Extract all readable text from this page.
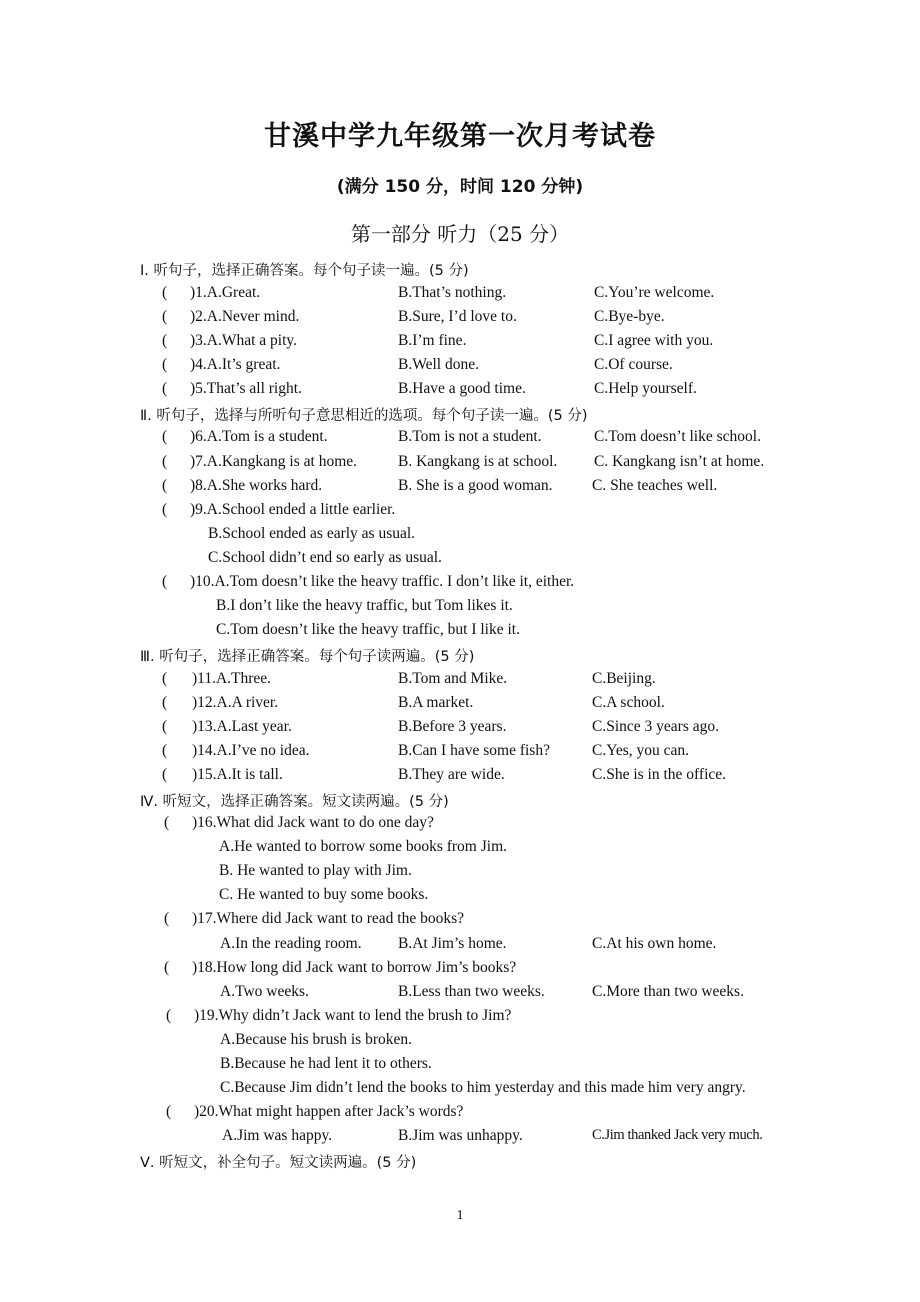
甘溪中学九年级第一次月考试卷
(满分 150 分，时间 120 分钟)
第一部分 听力（25 分）
Ⅰ. 听句子，选择正确答案。每个句子读一遍。(5 分)
( )1.A.Great.	B.That’s nothing.	C.You’re welcome.
( )2.A.Never mind.	B.Sure, I’d love to.	C.Bye-bye.
( )3.A.What a pity.	B.I’m fine.	C.I agree with you.
( )4.A.It’s great.	B.Well done.	C.Of course.
( )5.That’s all right.	B.Have a good time.	C.Help yourself.
Ⅱ. 听句子，选择与所听句子意思相近的选项。每个句子读一遍。(5 分)
( )6.A.Tom is a student.	B.Tom is not a student.	C.Tom doesn’t like school.
( )7.A.Kangkang is at home.	B. Kangkang is at school. C. Kangkang isn’t at home.
( )8.A.She works hard.	B. She is a good woman.	C. She teaches well.
( )9.A.School ended a little earlier.
B.School ended as early as usual.
C.School didn’t end so early as usual.
( )10.A.Tom doesn’t like the heavy traffic. I don’t like it, either.
B.I don’t like the heavy traffic, but Tom likes it.
C.Tom doesn’t like the heavy traffic, but I like it.
Ⅲ. 听句子，选择正确答案。每个句子读两遍。(5 分)
( )11.A.Three.	B.Tom and Mike.	C.Beijing.
( )12.A.A river.	B.A market.	C.A school.
( )13.A.Last year.	B.Before 3 years.	C.Since 3 years ago.
( )14.A.I’ve no idea.	B.Can I have some fish?	C.Yes, you can.
( )15.A.It is tall.	B.They are wide.	C.She is in the office.
Ⅳ. 听短文，选择正确答案。短文读两遍。(5 分)
( )16.What did Jack want to do one day?
A.He wanted to borrow some books from Jim.
B. He wanted to play with Jim.
C. He wanted to buy some books.
( )17.Where did Jack want to read the books?
A.In the reading room. B.At Jim’s home.	C.At his own home.
( )18.How long did Jack want to borrow Jim’s books?
A.Two weeks.	B.Less than two weeks.	C.More than two weeks.
( )19.Why didn’t Jack want to lend the brush to Jim?
A.Because his brush is broken.
B.Because he had lent it to others.
C.Because Jim didn’t lend the books to him yesterday and this made him very angry.
( )20.What might happen after Jack’s words?
A.Jim was happy.	B.Jim was unhappy.	C.Jim thanked Jack very much.
Ⅴ. 听短文，补全句子。短文读两遍。(5 分)
1
